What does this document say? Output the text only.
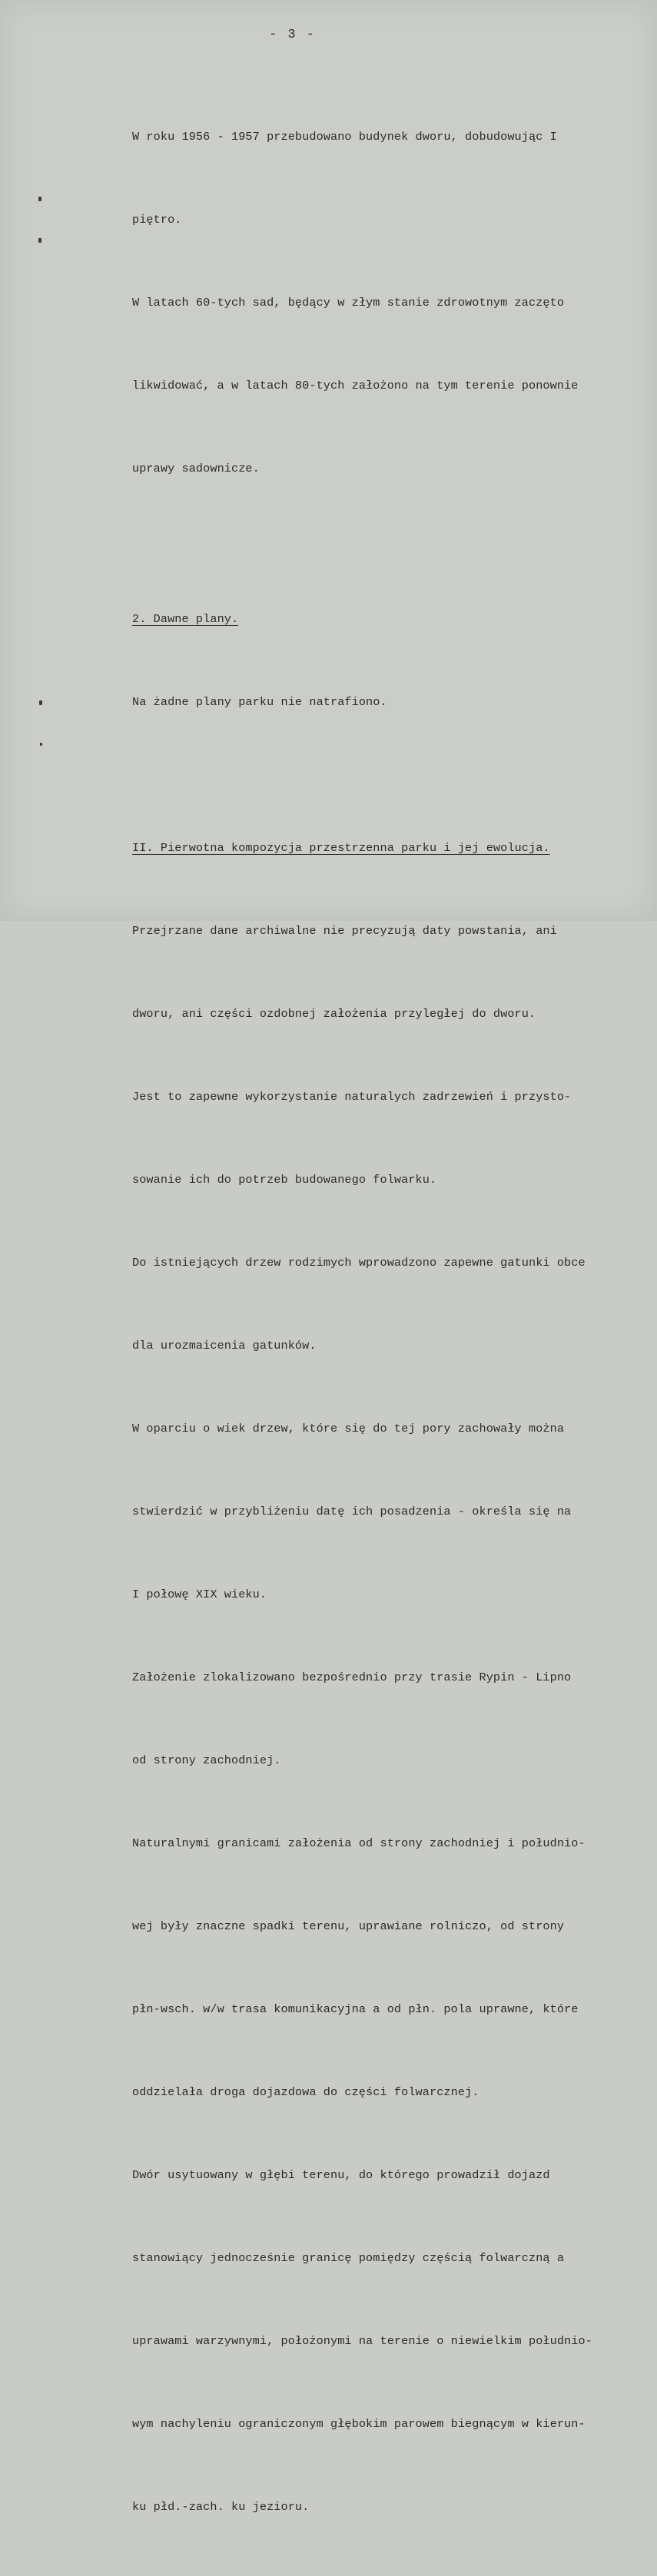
- 3 -

W roku 1956 - 1957 przebudowano budynek dworu, dobudowując I

piętro.

W latach 60-tych sad, będący w złym stanie zdrowotnym zaczęto

likwidować, a w latach 80-tych założono na tym terenie ponownie

uprawy sadownicze.

2. Dawne plany.

Na żadne plany parku nie natrafiono.

II. Pierwotna kompozycja przestrzenna parku i jej ewolucja.

Przejrzane dane archiwalne nie precyzują daty powstania, ani

dworu, ani części ozdobnej założenia przyległej do dworu.

Jest to zapewne wykorzystanie naturalych zadrzewień i przysto-

sowanie ich do potrzeb budowanego folwarku.

Do istniejących drzew rodzimych wprowadzono zapewne gatunki obce

dla urozmaicenia gatunków.

W oparciu o wiek drzew, które się do tej pory zachowały można

stwierdzić w przybliżeniu datę ich posadzenia - określa się na

I połowę XIX wieku.

Założenie zlokalizowano bezpośrednio przy trasie Rypin - Lipno

od strony zachodniej.

Naturalnymi granicami założenia od strony zachodniej i południo-

wej były znaczne spadki terenu, uprawiane rolniczo, od strony

płn-wsch. w/w trasa komunikacyjna a od płn. pola uprawne, które

oddzielała droga dojazdowa do części folwarcznej.

Dwór usytuowany w głębi terenu, do którego prowadził dojazd

stanowiący jednocześnie granicę pomiędzy częścią folwarczną a

uprawami warzywnymi, położonymi na terenie o niewielkim południo-

wym nachyleniu ograniczonym głębokim parowem biegnącym w kierun-

ku płd.-zach. ku jezioru.
